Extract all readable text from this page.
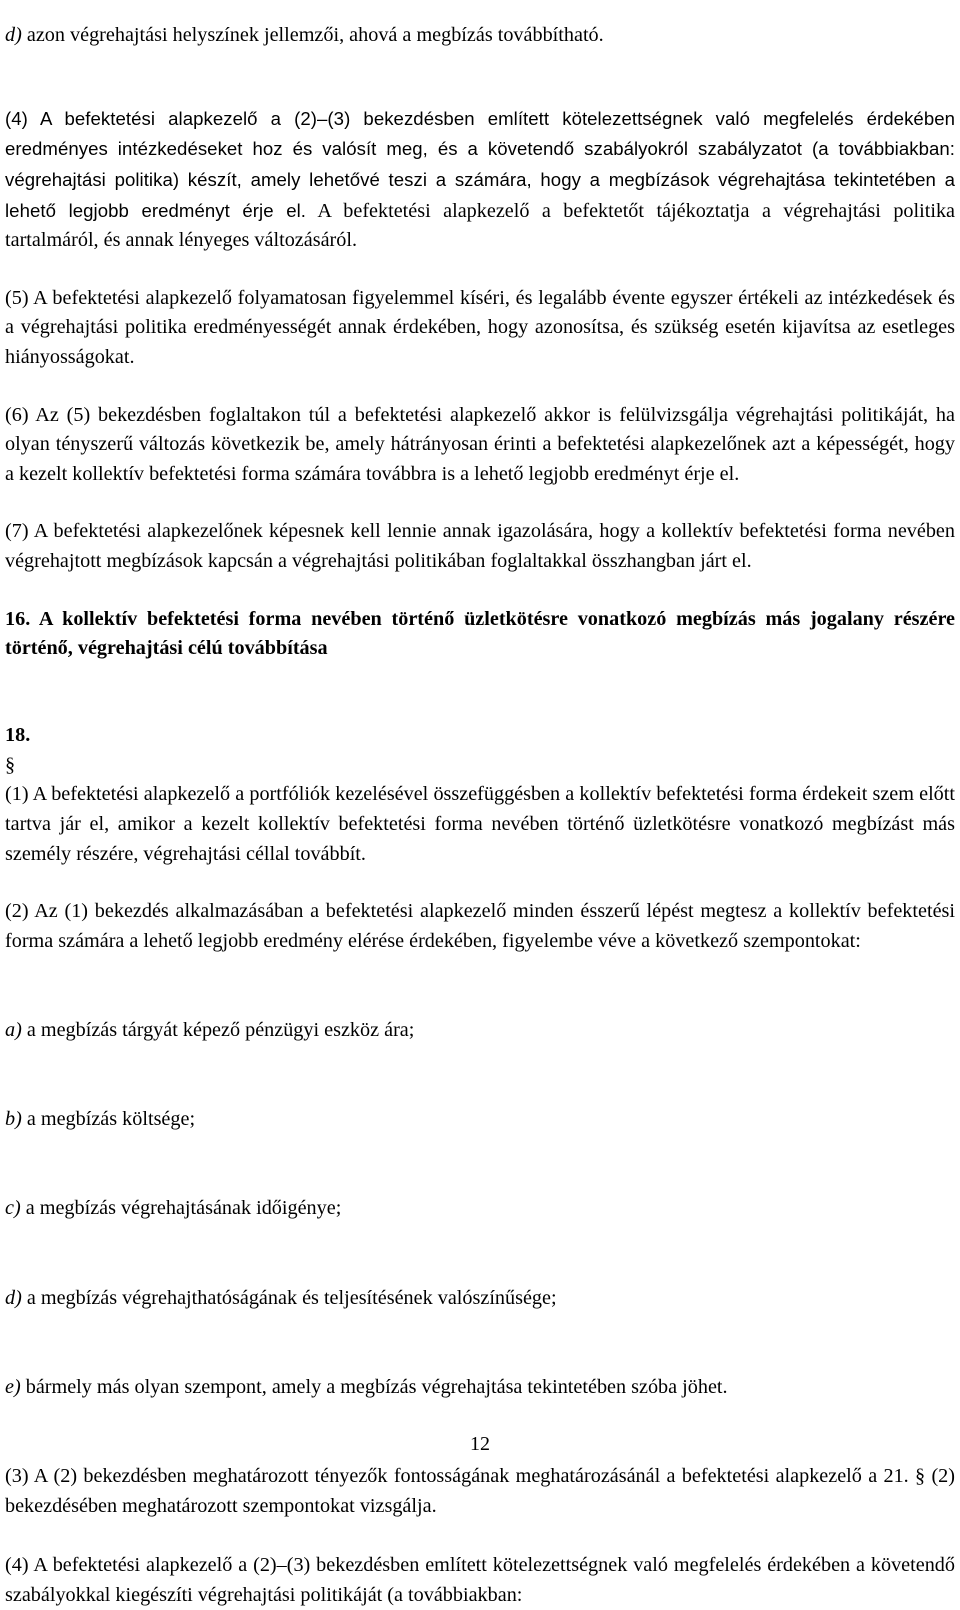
d) azon végrehajtási helyszínek jellemzői, ahová a megbízás továbbítható.

(4) A befektetési alapkezelő a (2)–(3) bekezdésben említett kötelezettségnek való megfelelés érdekében eredményes intézkedéseket hoz és valósít meg, és a követendő szabályokról szabályzatot (a továbbiakban: végrehajtási politika) készít, amely lehetővé teszi a számára, hogy a megbízások végrehajtása tekintetében a lehető legjobb eredményt érje el. A befektetési alapkezelő a befektetőt tájékoztatja a végrehajtási politika tartalmáról, és annak lényeges változásáról.

(5) A befektetési alapkezelő folyamatosan figyelemmel kíséri, és legalább évente egyszer értékeli az intézkedések és a végrehajtási politika eredményességét annak érdekében, hogy azonosítsa, és szükség esetén kijavítsa az esetleges hiányosságokat.

(6) Az (5) bekezdésben foglaltakon túl a befektetési alapkezelő akkor is felülvizsgálja végrehajtási politikáját, ha olyan tényszerű változás következik be, amely hátrányosan érinti a befektetési alapkezelőnek azt a képességét, hogy a kezelt kollektív befektetési forma számára továbbra is a lehető legjobb eredményt érje el.

(7) A befektetési alapkezelőnek képesnek kell lennie annak igazolására, hogy a kollektív befektetési forma nevében végrehajtott megbízások kapcsán a végrehajtási politikában foglaltakkal összhangban járt el.

16. A kollektív befektetési forma nevében történő üzletkötésre vonatkozó megbízás más jogalany részére történő, végrehajtási célú továbbítása

18.
§
(1) A befektetési alapkezelő a portfóliók kezelésével összefüggésben a kollektív befektetési forma érdekeit szem előtt tartva jár el, amikor a kezelt kollektív befektetési forma nevében történő üzletkötésre vonatkozó megbízást más személy részére, végrehajtási céllal továbbít.

(2) Az (1) bekezdés alkalmazásában a befektetési alapkezelő minden ésszerű lépést megtesz a kollektív befektetési forma számára a lehető legjobb eredmény elérése érdekében, figyelembe véve a következő szempontokat:

a) a megbízás tárgyát képező pénzügyi eszköz ára;

b) a megbízás költsége;

c) a megbízás végrehajtásának időigénye;

d) a megbízás végrehajthatóságának és teljesítésének valószínűsége;

e) bármely más olyan szempont, amely a megbízás végrehajtása tekintetében szóba jöhet.

(3) A (2) bekezdésben meghatározott tényezők fontosságának meghatározásánál a befektetési alapkezelő a 21. § (2) bekezdésében meghatározott szempontokat vizsgálja.

(4) A befektetési alapkezelő a (2)–(3) bekezdésben említett kötelezettségnek való megfelelés érdekében a követendő szabályokkal kiegészíti végrehajtási politikáját (a továbbiakban:

12
